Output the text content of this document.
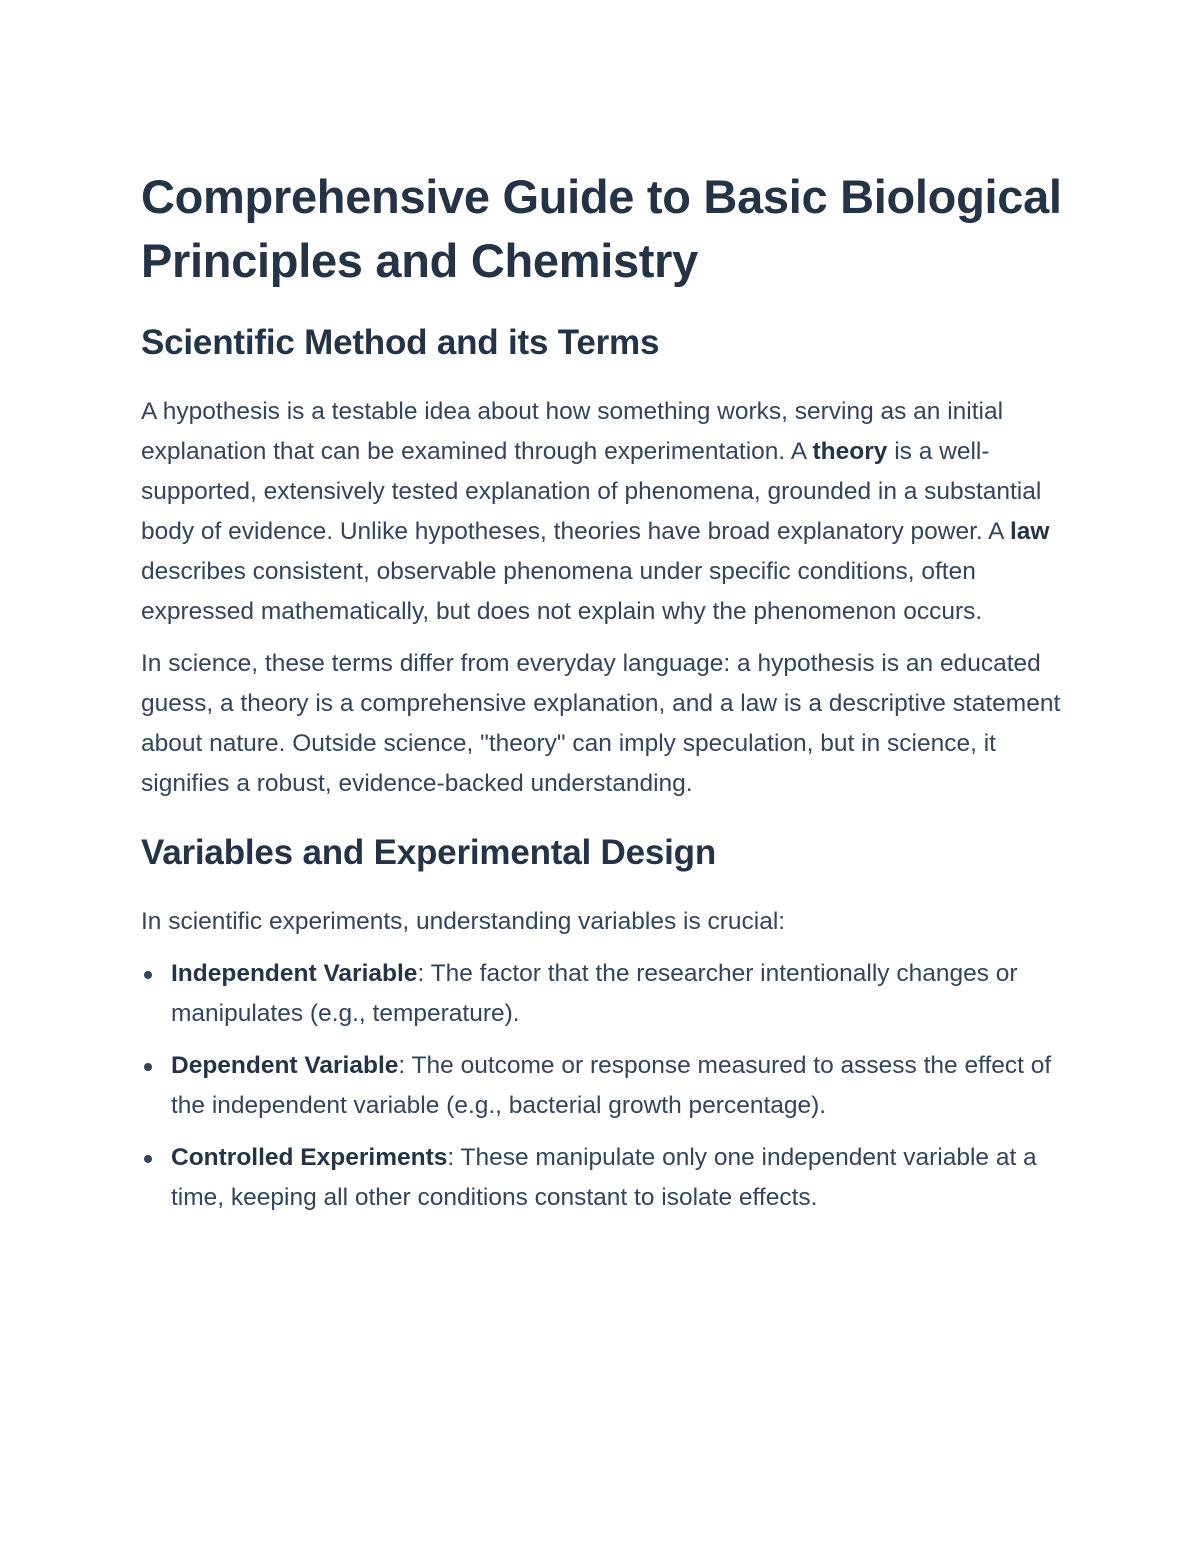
Comprehensive Guide to Basic Biological Principles and Chemistry
Scientific Method and its Terms

A hypothesis is a testable idea about how something works, serving as an initial explanation that can be examined through experimentation. A theory is a well-supported, extensively tested explanation of phenomena, grounded in a substantial body of evidence. Unlike hypotheses, theories have broad explanatory power. A law describes consistent, observable phenomena under specific conditions, often expressed mathematically, but does not explain why the phenomenon occurs.

In science, these terms differ from everyday language: a hypothesis is an educated guess, a theory is a comprehensive explanation, and a law is a descriptive statement about nature. Outside science, "theory" can imply speculation, but in science, it signifies a robust, evidence-backed understanding.

Variables and Experimental Design

In scientific experiments, understanding variables is crucial:

Independent Variable: The factor that the researcher intentionally changes or manipulates (e.g., temperature).
Dependent Variable: The outcome or response measured to assess the effect of the independent variable (e.g., bacterial growth percentage).
Controlled Experiments: These manipulate only one independent variable at a time, keeping all other conditions constant to isolate effects.
